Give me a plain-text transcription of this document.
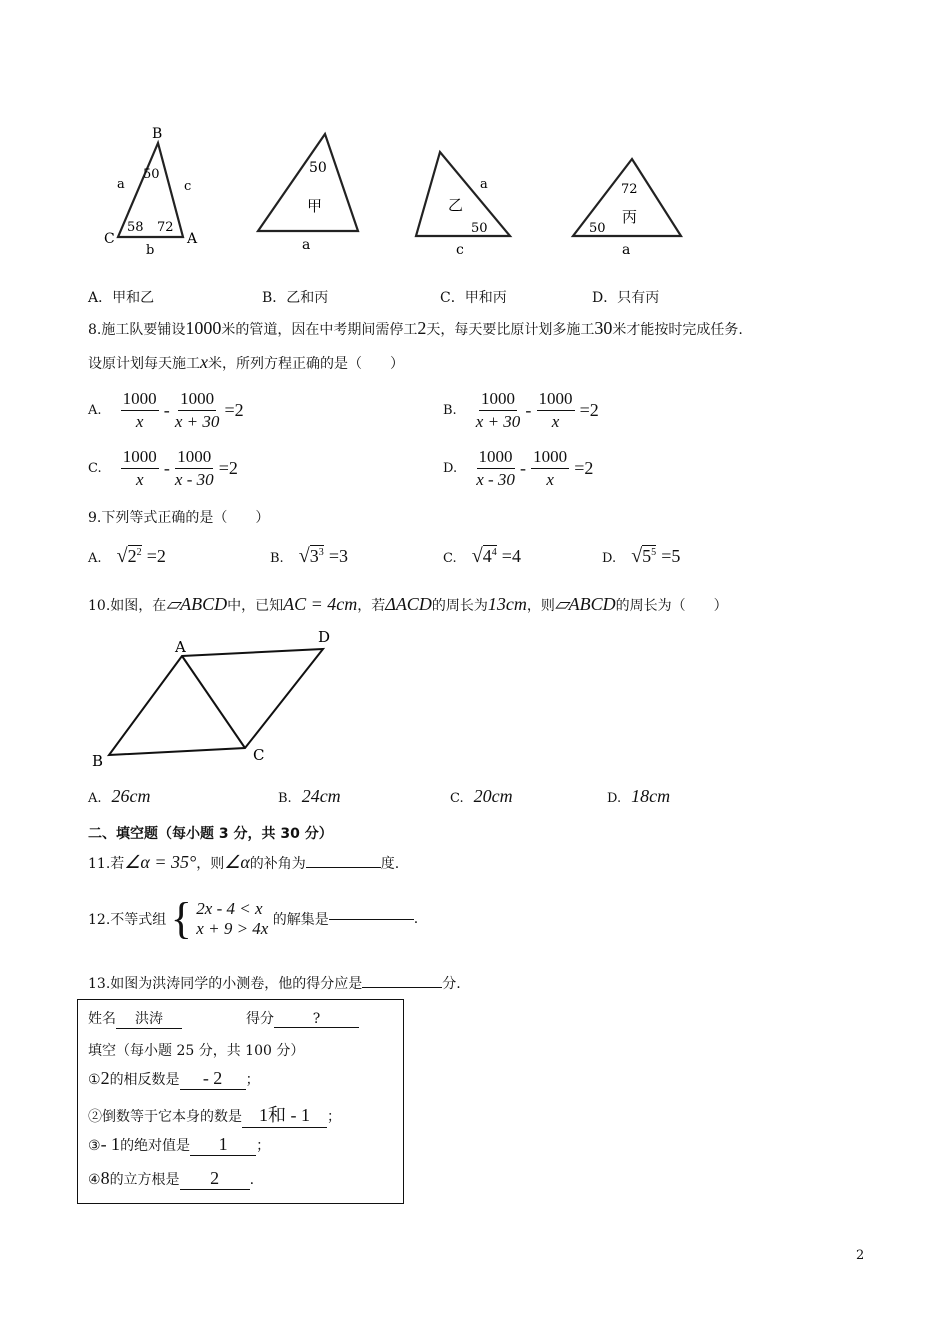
B
C	A
a	c
b
50
58 72
50
甲
a
乙
a
50
c
72
丙
50
a
A．甲和乙	B．乙和丙	C．甲和丙	D．只有丙
8.施工队要铺设1000米的管道，因在中考期间需停工2天，每天要比原计划多施工30米才能按时完成任务.
设原计划每天施工x米，所列方程正确的是（　　）
A. $\frac{1000}{x} - \frac{1000}{x + 30} =2$	B. $\frac{1000}{x + 30} - \frac{1000}{x} =2$
C. $\frac{1000}{x} - \frac{1000}{x - 30} =2$	D. $\frac{1000}{x - 30} - \frac{1000}{x} =2$
9.下列等式正确的是（　　）
A. $√2^2 =2$	B. $√3^3 =3$	C. $√4^4 =4$	D. $√5^5 =5$
10.如图，在▱ABCD中，已知AC = 4cm，若ΔACD的周长为13cm，则▱ABCD的周长为（　　）
A
D
C
B
A. 26cm	B. 24cm	C. 20cm	D. 18cm
二、填空题（每小题 3 分，共 30 分）
11.若∠α = 35°，则∠α的补角为	度.
12.不等式组 { 2x - 4 < x
x + 9 > 4x 的解集是	.
13.如图为洪涛同学的小测卷，他的得分应是	分.
姓名 洪涛	得分	?
填空（每小题 25 分，共 100 分）
①2的相反数是 - 2 ；
②倒数等于它本身的数是 1和 - 1 ；
③- 1的绝对值是 1 ；
④8的立方根是 2 .
2
